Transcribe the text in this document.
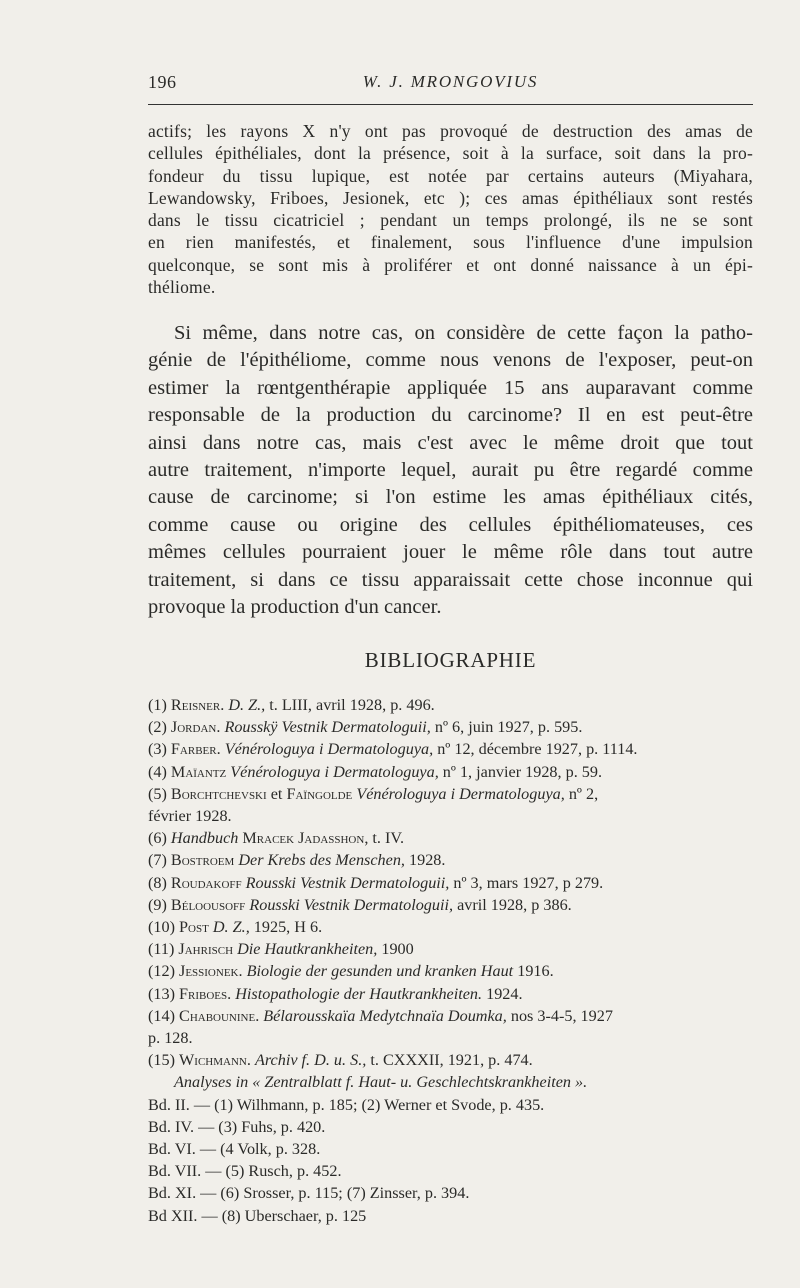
196	W. J. MRONGOVIUS
actifs; les rayons X n'y ont pas provoqué de destruction des amas de
cellules épithéliales, dont la présence, soit à la surface, soit dans la pro-
fondeur du tissu lupique, est notée par certains auteurs (Miyahara,
Lewandowsky, Friboes, Jesionek, etc ); ces amas épithéliaux sont restés
dans le tissu cicatriciel ; pendant un temps prolongé, ils ne se sont
en rien manifestés, et finalement, sous l'influence d'une impulsion
quelconque, se sont mis à proliférer et ont donné naissance à un épi-
théliome.
Si même, dans notre cas, on considère de cette façon la patho-
génie de l'épithéliome, comme nous venons de l'exposer, peut-on
estimer la rœntgenthérapie appliquée 15 ans auparavant comme
responsable de la production du carcinome? Il en est peut-être
ainsi dans notre cas, mais c'est avec le même droit que tout
autre traitement, n'importe lequel, aurait pu être regardé comme
cause de carcinome; si l'on estime les amas épithéliaux cités,
comme cause ou origine des cellules épithéliomateuses, ces
mêmes cellules pourraient jouer le même rôle dans tout autre
traitement, si dans ce tissu apparaissait cette chose inconnue qui
provoque la production d'un cancer.
BIBLIOGRAPHIE
(1) Reisner. D. Z., t. LIII, avril 1928, p. 496.
(2) Jordan. Rousskÿ Vestnik Dermatologuii, nº 6, juin 1927, p. 595.
(3) Farber. Vénérologuya i Dermatologuya, nº 12, décembre 1927, p. 1114.
(4) Maïantz Vénérologuya i Dermatologuya, nº 1, janvier 1928, p. 59.
(5) Borchtchevski et Faïngolde Vénérologuya i Dermatologuya, nº 2,
février 1928.
(6) Handbuch Mracek Jadasshon, t. IV.
(7) Bostroem Der Krebs des Menschen, 1928.
(8) Roudakoff Rousski Vestnik Dermatologuii, nº 3, mars 1927, p 279.
(9) Béloousoff Rousski Vestnik Dermatologuii, avril 1928, p 386.
(10) Post D. Z., 1925, H 6.
(11) Jahrisch Die Hautkrankheiten, 1900
(12) Jessionek. Biologie der gesunden und kranken Haut 1916.
(13) Friboes. Histopathologie der Hautkrankheiten. 1924.
(14) Chabounine. Bélarousskaïa Medytchnaïa Doumka, nos 3-4-5, 1927
p. 128.
(15) Wichmann. Archiv f. D. u. S., t. CXXXII, 1921, p. 474.
Analyses in « Zentralblatt f. Haut- u. Geschlechtskrankheiten ».
Bd. II. — (1) Wilhmann, p. 185; (2) Werner et Svode, p. 435.
Bd. IV. — (3) Fuhs, p. 420.
Bd. VI. — (4 Volk, p. 328.
Bd. VII. — (5) Rusch, p. 452.
Bd. XI. — (6) Srosser, p. 115; (7) Zinsser, p. 394.
Bd XII. — (8) Uberschaer, p. 125
